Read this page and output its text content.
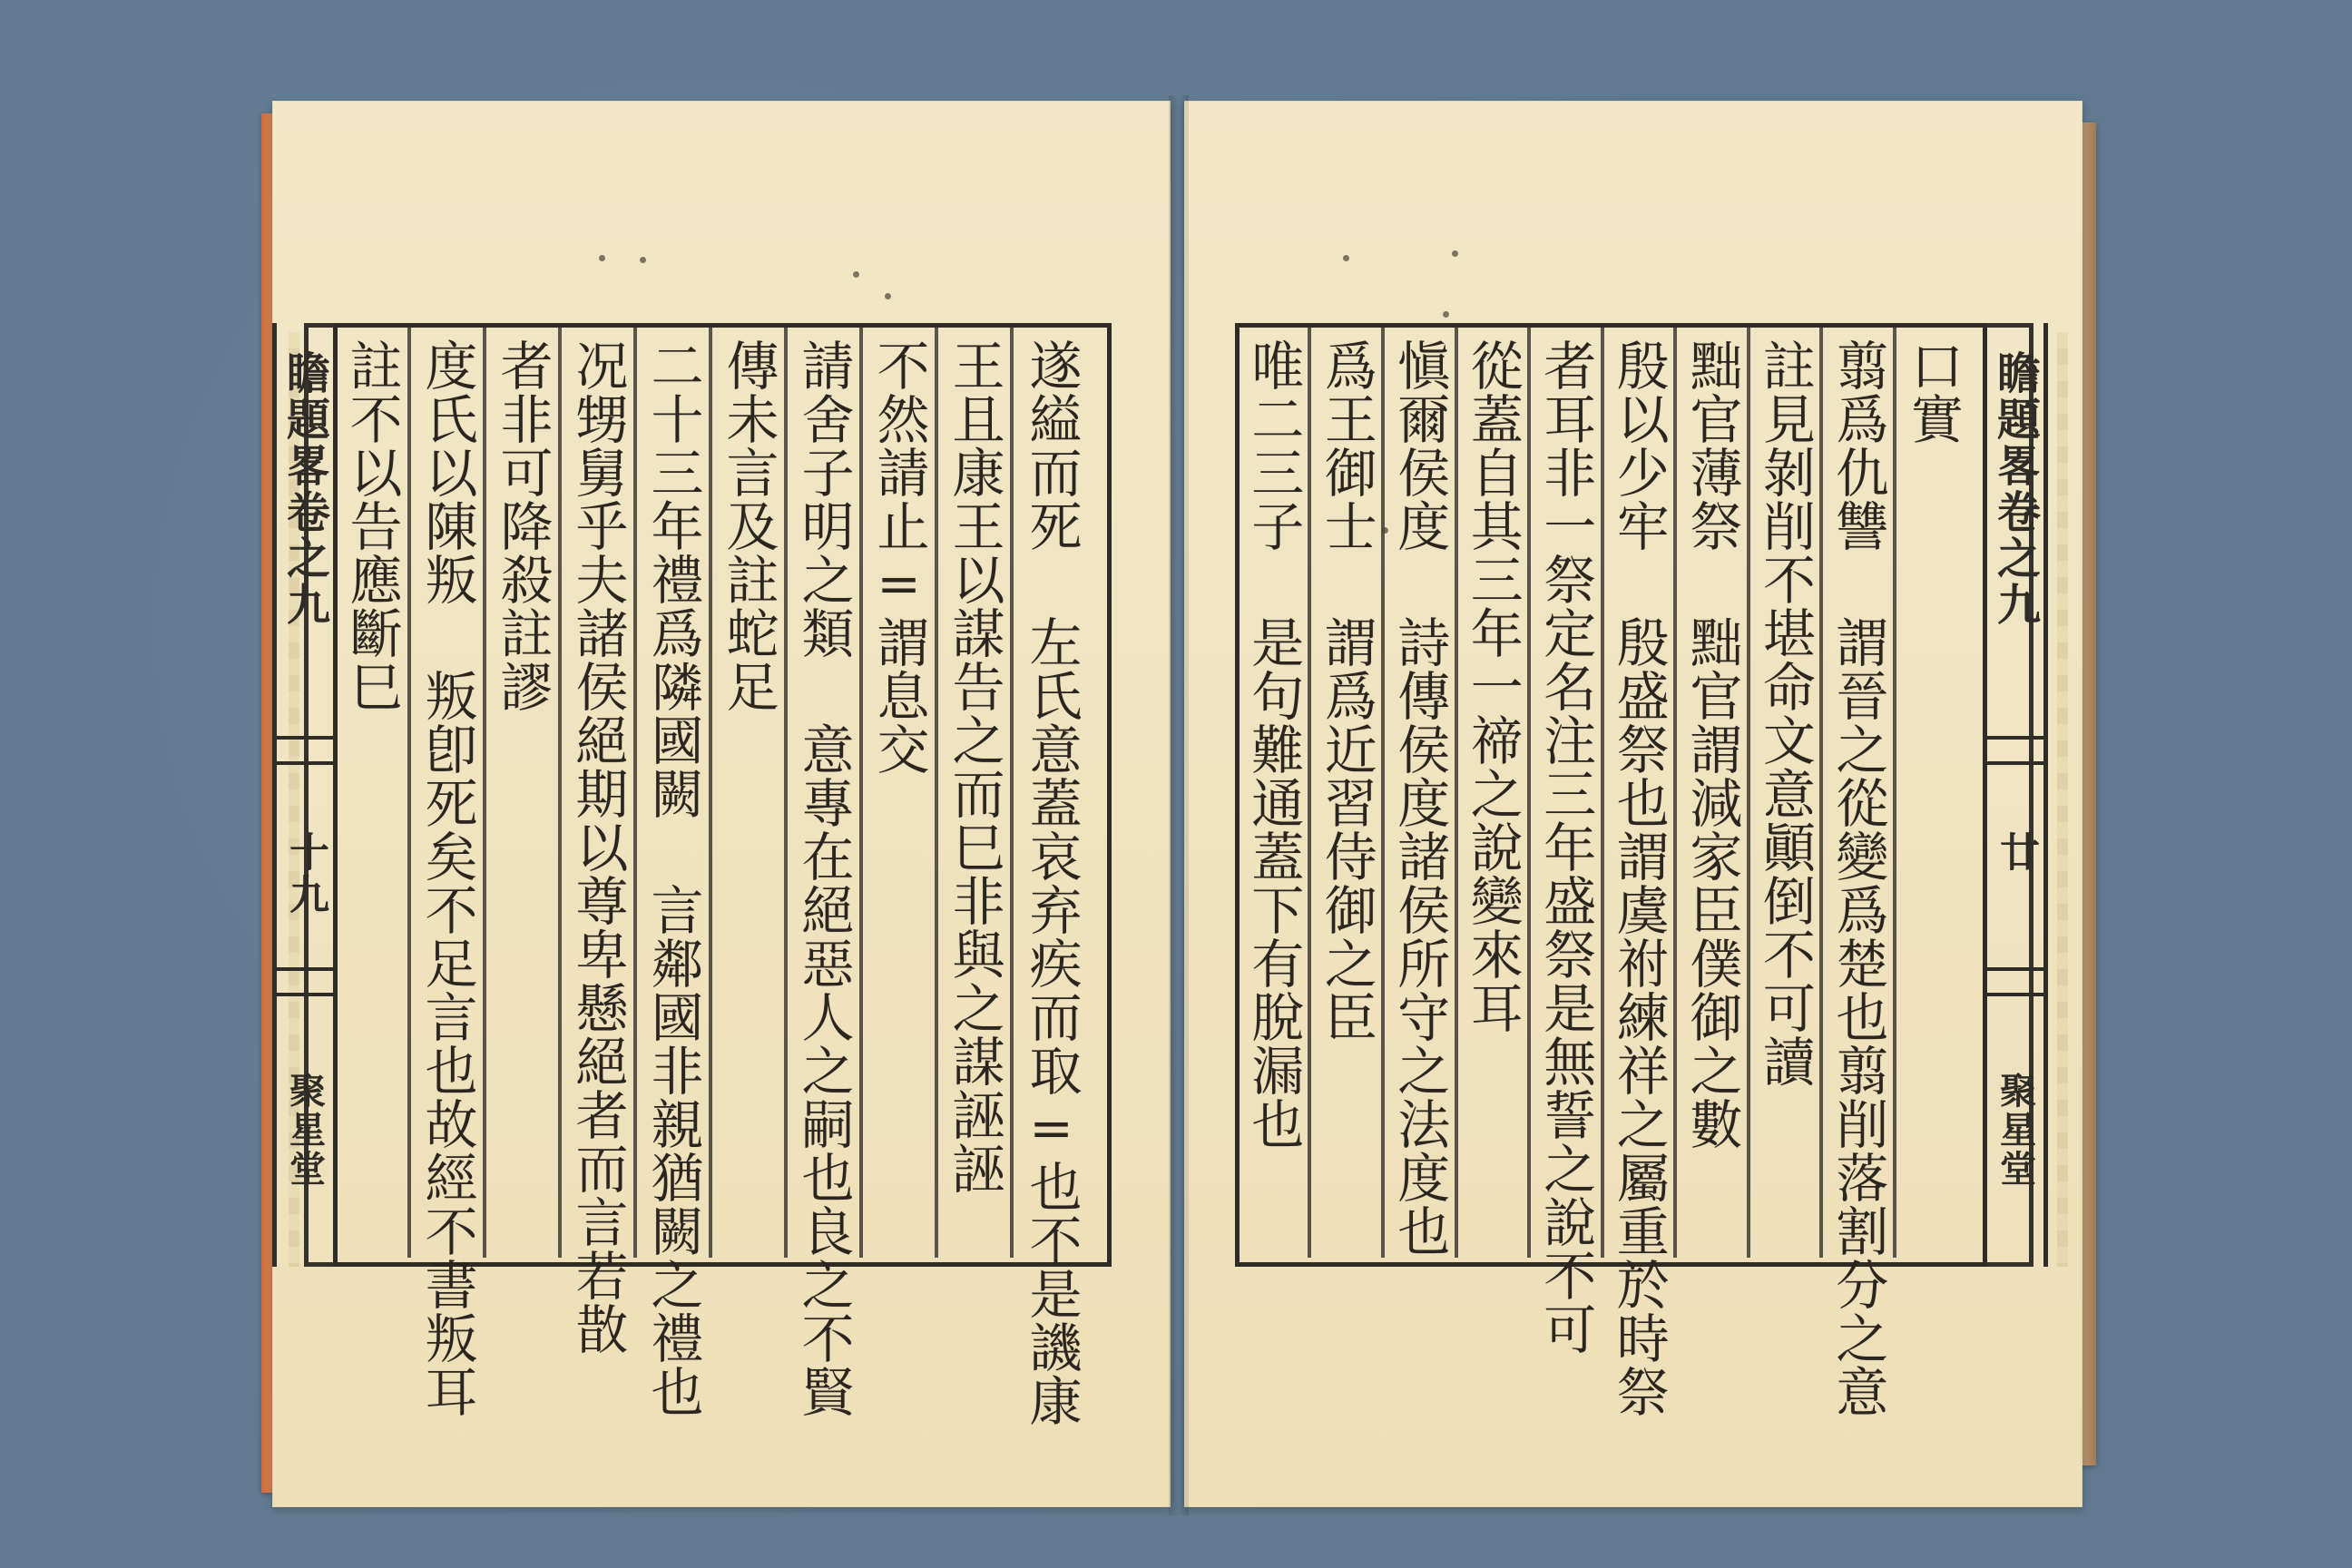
瞻題畧卷之九
十九
聚星堂	遂縊而死 左氏意蓋哀弃疾而取=也不是譏康
王且康王以謀告之而巳非與之謀誣誣
不然請止=謂息交
請舍子明之類 意專在絕惡人之嗣也良之不賢
傳未言及註蛇足
二十三年禮爲隣國闕 言鄰國非親猶闕之禮也
况甥舅乎夫諸侯絕期以尊卑懸絕者而言若㪚
者非可降殺註謬
度氏以陳叛 叛卽死矣不足言也故經不書叛耳
註不以告應斷巳	瞻題畧卷之九
廿
聚星堂
口實
翦爲仇讐 謂晉之從變爲楚也翦削落割分之意
註見剝削不堪命文意顚倒不可讀
黜官薄祭 黜官謂減家臣僕御之數
殷以少牢 殷盛祭也謂虞祔練祥之屬重於時祭
者耳非一祭定名注三年盛祭是無誓之說不可
從蓋自其三年一禘之說變來耳
愼爾侯度 詩傳侯度諸侯所守之法度也
爲王御士 謂爲近習侍御之臣
唯二三子 是句難通蓋下有脫漏也
